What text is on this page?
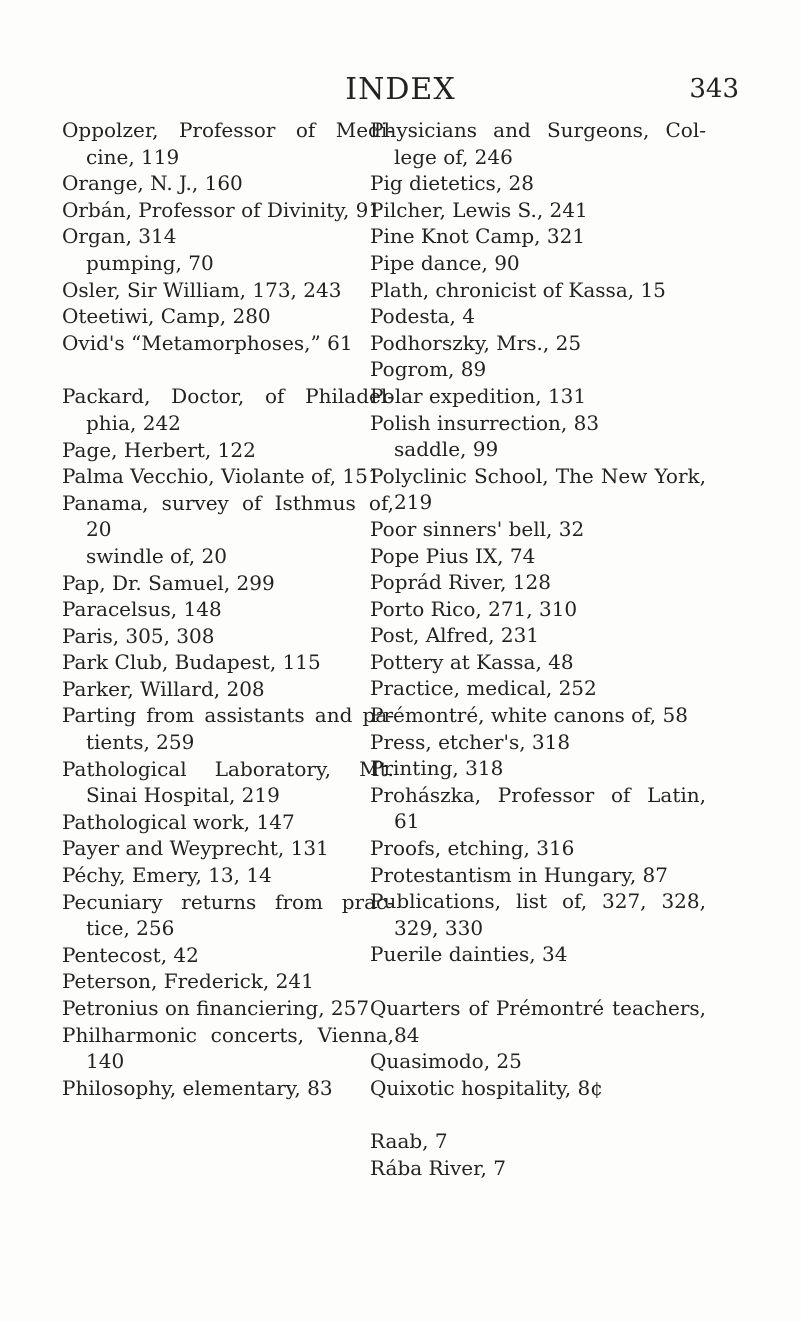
INDEX	343

Oppolzer, Professor of Medi- cine, 119

Orange, N. J., 160

Orbán, Professor of Divinity, 91

Organ, 314

pumping, 70

Osler, Sir William, 173, 243

Oteetiwi, Camp, 280

Ovid's “Metamorphoses,” 61

Packard, Doctor, of Philadel- phia, 242

Page, Herbert, 122

Palma Vecchio, Violante of, 151

Panama, survey of Isthmus of, 20

swindle of, 20

Pap, Dr. Samuel, 299

Paracelsus, 148

Paris, 305, 308

Park Club, Budapest, 115

Parker, Willard, 208

Parting from assistants and pa- tients, 259

Pathological Laboratory, Mt. Sinai Hospital, 219

Pathological work, 147

Payer and Weyprecht, 131

Péchy, Emery, 13, 14

Pecuniary returns from prac- tice, 256

Pentecost, 42

Peterson, Frederick, 241

Petronius on financiering, 257

Philharmonic concerts, Vienna, 140

Philosophy, elementary, 83

Physicians and Surgeons, Col- lege of, 246

Pig dietetics, 28

Pilcher, Lewis S., 241

Pine Knot Camp, 321

Pipe dance, 90

Plath, chronicist of Kassa, 15

Podesta, 4

Podhorszky, Mrs., 25

Pogrom, 89

Polar expedition, 131

Polish insurrection, 83

saddle, 99

Polyclinic School, The New York, 219

Poor sinners' bell, 32

Pope Pius IX, 74

Poprád River, 128

Porto Rico, 271, 310

Post, Alfred, 231

Pottery at Kassa, 48

Practice, medical, 252

Prémontré, white canons of, 58

Press, etcher's, 318

Printing, 318

Prohászka, Professor of Latin, 61

Proofs, etching, 316

Protestantism in Hungary, 87

Publications, list of, 327, 328, 329, 330

Puerile dainties, 34

Quarters of Prémontré teachers, 84

Quasimodo, 25

Quixotic hospitality, 8¢

Raab, 7

Rába River, 7
